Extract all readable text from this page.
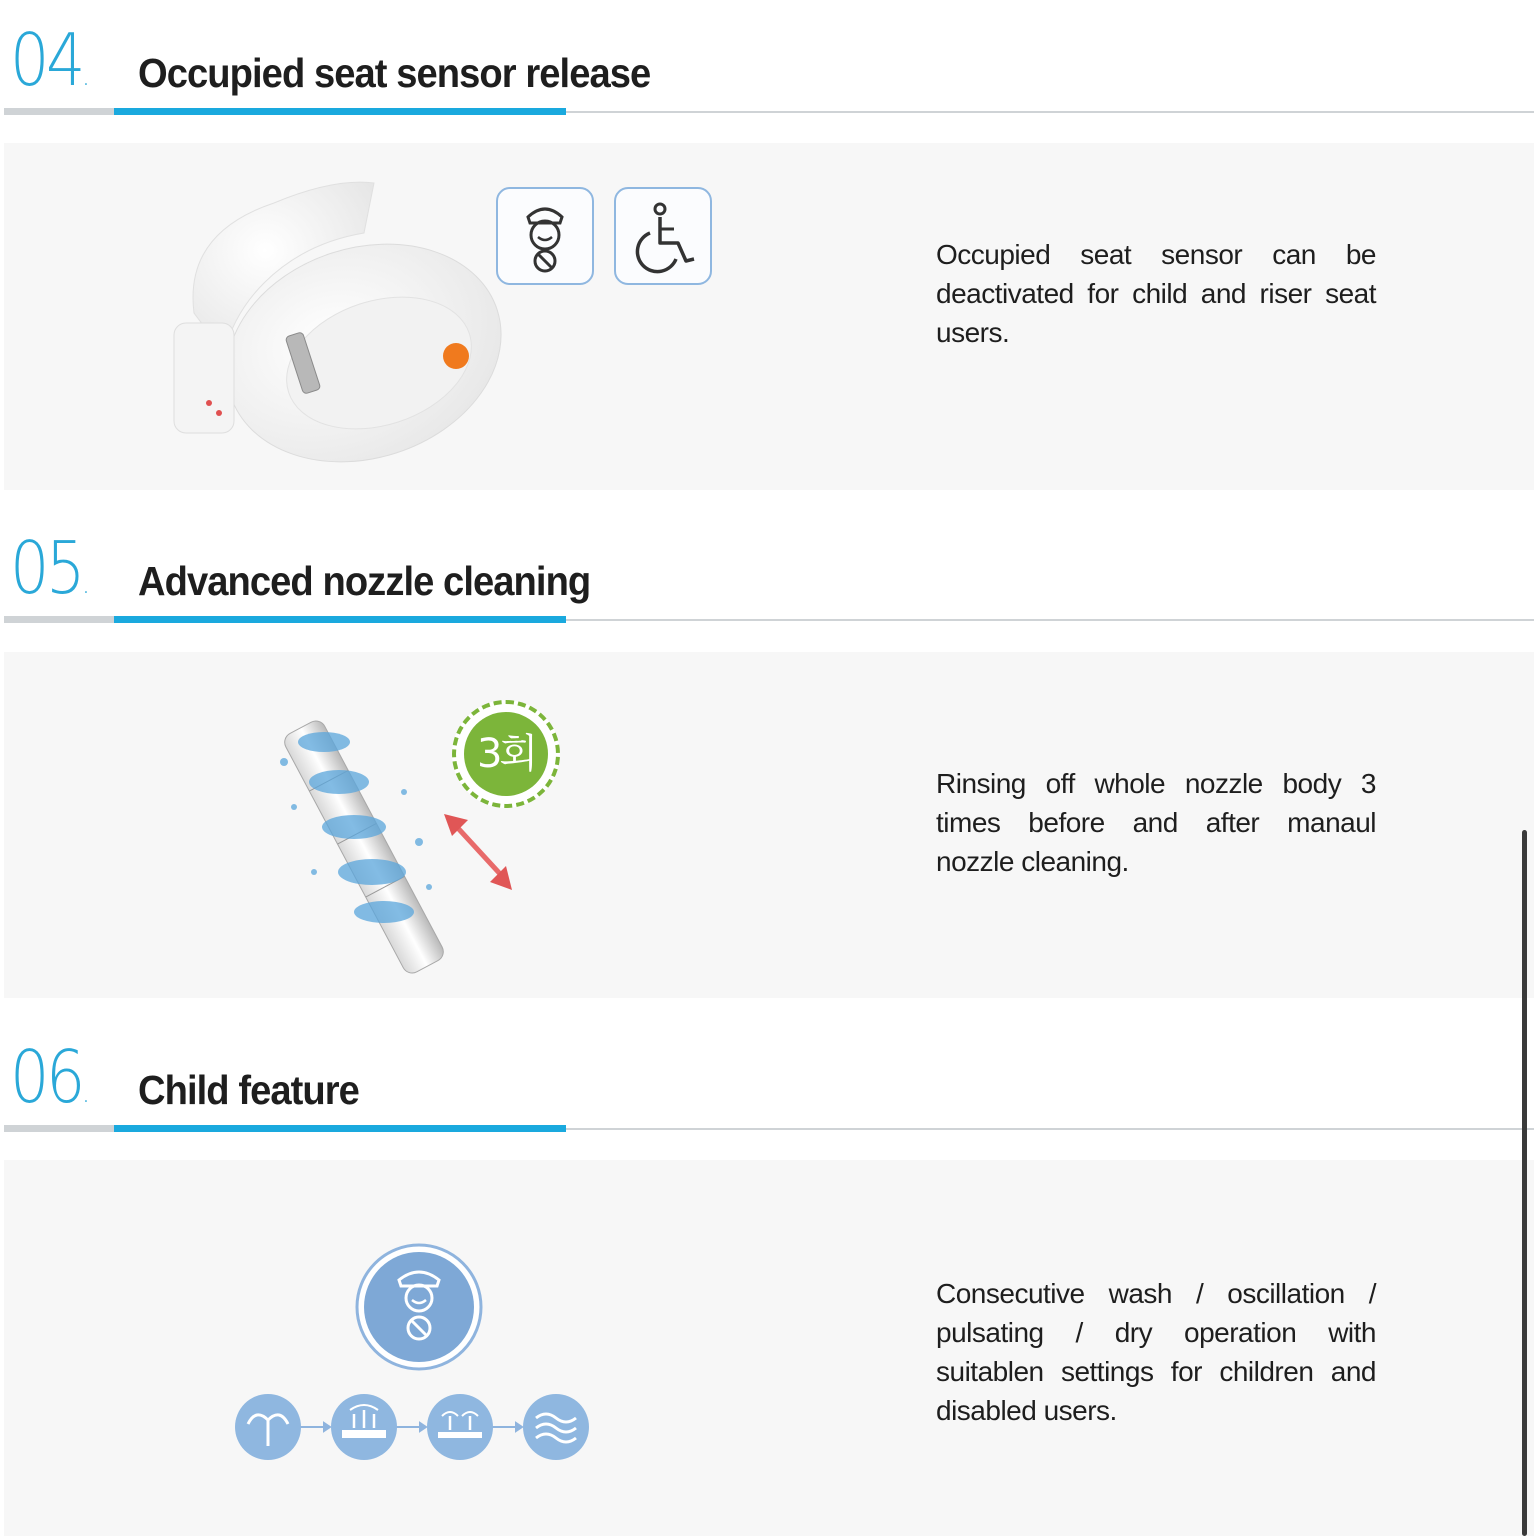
04. Occupied seat sensor release
Occupied seat sensor can be deactivated for child and riser seat users.
05. Advanced nozzle cleaning
3회
Rinsing off whole nozzle body 3 times before and after manaul nozzle cleaning.
06. Child feature
Consecutive wash / oscillation / pulsating / dry operation with suitablen settings for children and disabled users.
